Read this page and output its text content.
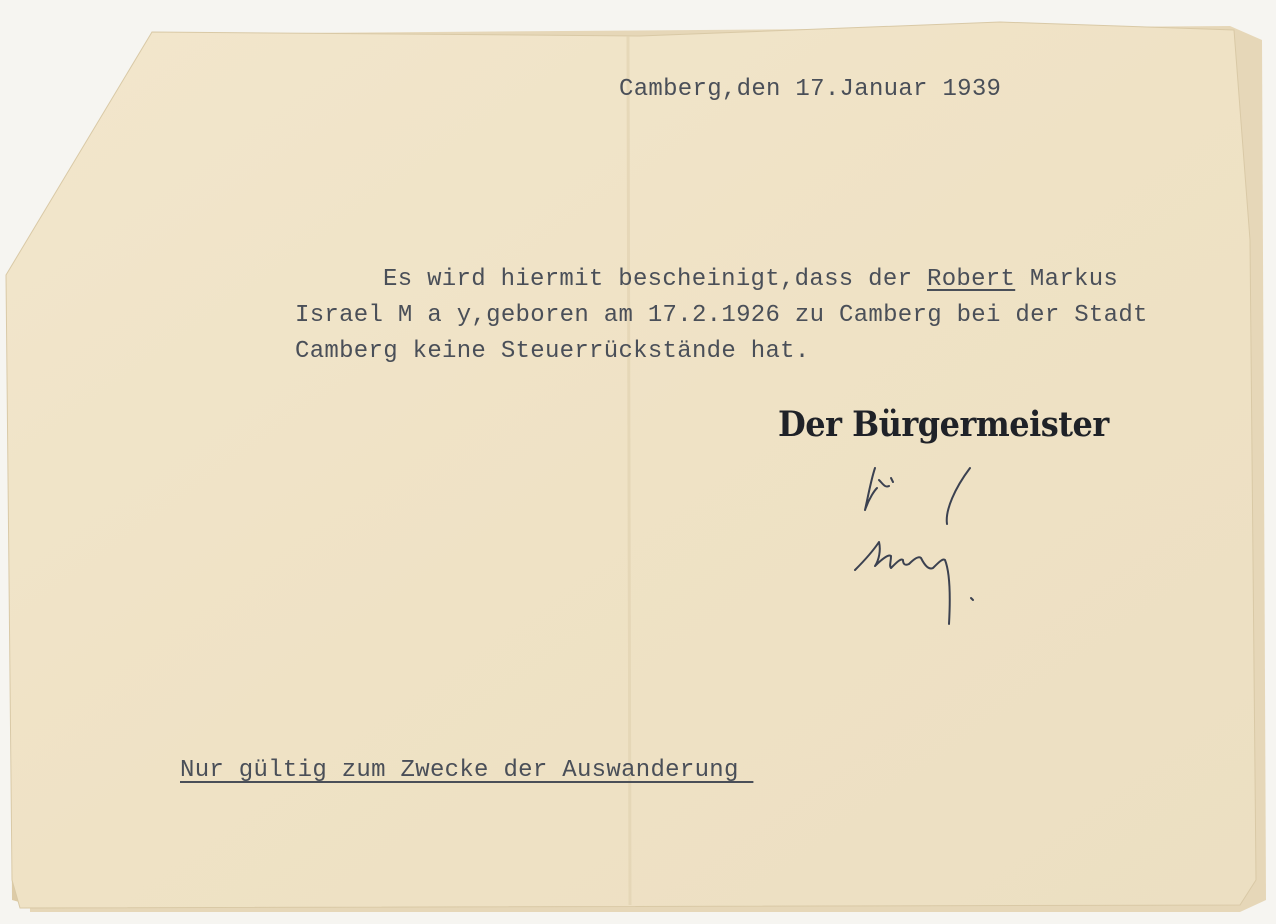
Camberg,den 17.Januar 1939
Es wird hiermit bescheinigt,dass der Robert Markus
Israel M a y,geboren am 17.2.1926 zu Camberg bei der Stadt
Camberg keine Steuerrückstände hat.
Der Bürgermeister
Nur gültig zum Zwecke der Auswanderung
